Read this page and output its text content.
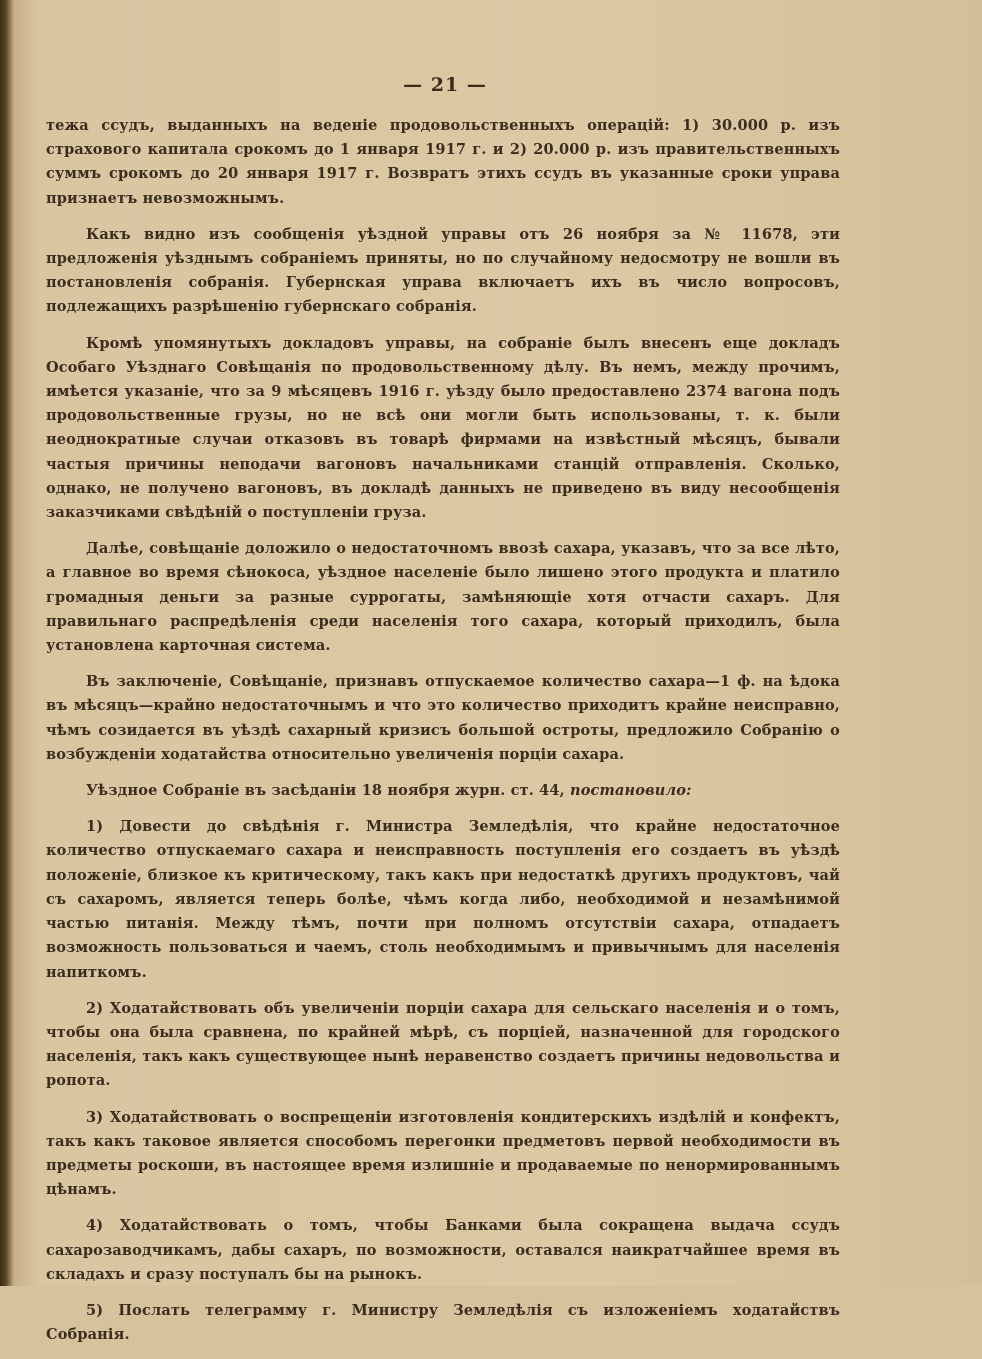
— 21 —

тежа ссудъ, выданныхъ на веденіе продовольственныхъ операцій: 1) 30.000 р. изъ страхового капитала срокомъ до 1 января 1917 г. и 2) 20.000 р. изъ правительственныхъ суммъ срокомъ до 20 января 1917 г. Возвратъ этихъ ссудъ въ указанные сроки управа признаетъ невозможнымъ.

Какъ видно изъ сообщенія уѣздной управы отъ 26 ноября за № 11678, эти предложенія уѣзднымъ собраніемъ приняты, но по случайному недосмотру не вошли въ постановленія собранія. Губернская управа включаетъ ихъ въ число вопросовъ, подлежащихъ разрѣшенію губернскаго собранія.

Кромѣ упомянутыхъ докладовъ управы, на собраніе былъ внесенъ еще докладъ Особаго Уѣзднаго Совѣщанія по продовольственному дѣлу. Въ немъ, между прочимъ, имѣется указаніе, что за 9 мѣсяцевъ 1916 г. уѣзду было предоставлено 2374 вагона подъ продовольственные грузы, но не всѣ они могли быть использованы, т. к. были неоднократные случаи отказовъ въ товарѣ фирмами на извѣстный мѣсяцъ, бывали частыя причины неподачи вагоновъ начальниками станцій отправленія. Сколько, однако, не получено вагоновъ, въ докладѣ данныхъ не приведено въ виду несообщенія заказчиками свѣдѣній о поступленіи груза.

Далѣе, совѣщаніе доложило о недостаточномъ ввозѣ сахара, указавъ, что за все лѣто, а главное во время сѣнокоса, уѣздное населеніе было лишено этого продукта и платило громадныя деньги за разные суррогаты, замѣняющіе хотя отчасти сахаръ. Для правильнаго распредѣленія среди населенія того сахара, который приходилъ, была установлена карточная система.

Въ заключеніе, Совѣщаніе, признавъ отпускаемое количество сахара—1 ф. на ѣдока въ мѣсяцъ—крайно недостаточнымъ и что это количество приходитъ крайне неисправно, чѣмъ созидается въ уѣздѣ сахарный кризисъ большой остроты, предложило Собранію о возбужденіи ходатайства относительно увеличенія порціи сахара.

Уѣздное Собраніе въ засѣданіи 18 ноября журн. ст. 44, постановило:

1) Довести до свѣдѣнія г. Министра Земледѣлія, что крайне недостаточное количество отпускаемаго сахара и неисправность поступленія его создаетъ въ уѣздѣ положеніе, близкое къ критическому, такъ какъ при недостаткѣ другихъ продуктовъ, чай съ сахаромъ, является теперь болѣе, чѣмъ когда либо, необходимой и незамѣнимой частью питанія. Между тѣмъ, почти при полномъ отсутствіи сахара, отпадаетъ возможность пользоваться и чаемъ, столь необходимымъ и привычнымъ для населенія напиткомъ.

2) Ходатайствовать объ увеличеніи порціи сахара для сельскаго населенія и о томъ, чтобы она была сравнена, по крайней мѣрѣ, съ порціей, назначенной для городского населенія, такъ какъ существующее нынѣ неравенство создаетъ причины недовольства и ропота.

3) Ходатайствовать о воспрещеніи изготовленія кондитерскихъ издѣлій и конфектъ, такъ какъ таковое является способомъ перегонки предметовъ первой необходимости въ предметы роскоши, въ настоящее время излишніе и продаваемые по ненормированнымъ цѣнамъ.

4) Ходатайствовать о томъ, чтобы Банками была сокращена выдача ссудъ сахарозаводчикамъ, дабы сахаръ, по возможности, оставался наикратчайшее время въ складахъ и сразу поступалъ бы на рынокъ.

5) Послать телеграмму г. Министру Земледѣлія съ изложеніемъ ходатайствъ Собранія.
